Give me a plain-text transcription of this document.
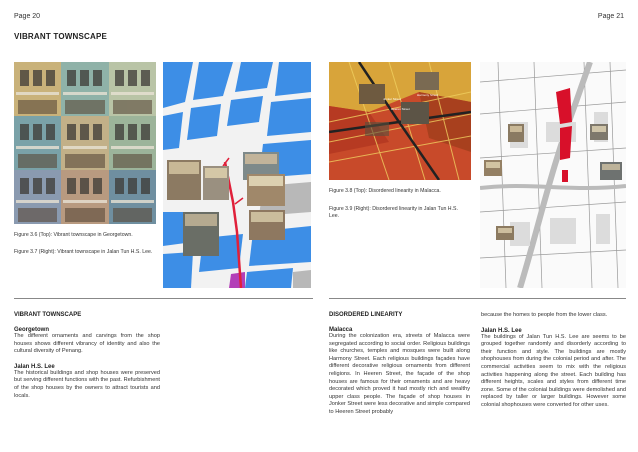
Page 20	Page 21
VIBRANT TOWNSCAPE
Figure 3.6 (Top): Vibrant townscape in Georgetown.
Figure 3.7 (Right): Vibrant townscape in Jalan Tun H.S. Lee.
Jonker Street
Heeren Street
Harmony Street
Figure 3.8 (Top): Disordered linearity in Malacca.
Figure 3.9 (Right): Disordered linearity in Jalan Tun H.S. Lee.

VIBRANT TOWNSCAPE

Georgetown

The different ornaments and carvings from the shop houses shows different vibrancy of identity and also the cultural diversity of Penang.

Jalan H.S. Lee

The historical buildings and shop houses were preserved but serving different functions with the past. Refurbishment of the shop houses by the owners to attract tourists and locals.

DISORDERED LINEARITY

Malacca

During the colonization era, streets of Malacca were segregated according to social order. Religious buildings like churches, temples and mosques were built along Harmony Street. Each religious buildings façades have different decorative religious ornaments from different religions. In Heeren Street, the façade of the shop houses are famous for their ornaments and are heavy decorated which proved it had mostly rich and wealthy upper class people. The façade of shop houses in Jonker Street were less decorative and simple compared to Heeren Street probably

because the homes to people from the lower class.

Jalan H.S. Lee

The buildings of Jalan Tun H.S. Lee are seems to be grouped together randomly and disorderly according to their function and style. The buildings are mostly shophouses from during the colonial period and after. The commercial activities seem to mix with the religious activities happening along the street. Each building has different heights, scales and styles from different time zone. Some of the colonial buildings were demolished and replaced by taller or larger buildings. However some colonial shophouses were converted for other uses.
